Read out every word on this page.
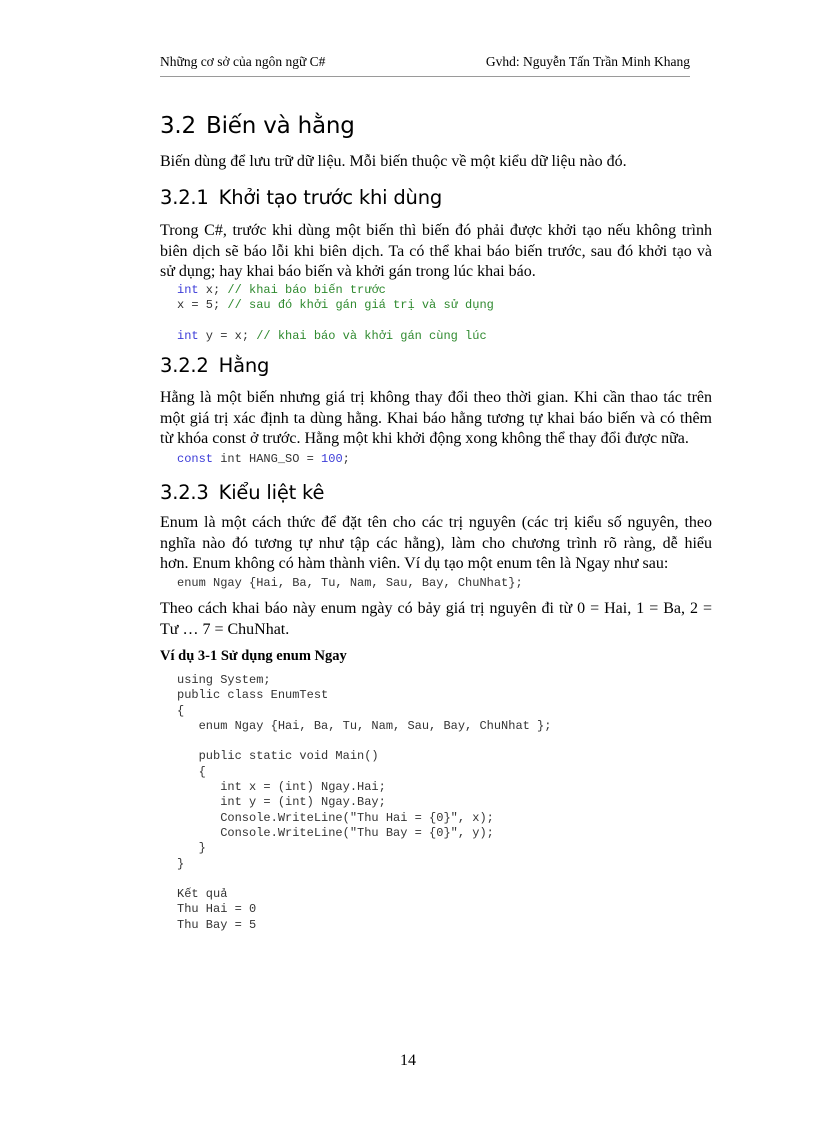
Những cơ sở của ngôn ngữ C#	Gvhd: Nguyễn Tấn Trần Minh Khang
3.2 Biến và hằng

Biến dùng để lưu trữ dữ liệu. Mỗi biến thuộc về một kiểu dữ liệu nào đó.

3.2.1 Khởi tạo trước khi dùng

Trong C#, trước khi dùng một biến thì biến đó phải được khởi tạo nếu không trình
biên dịch sẽ báo lỗi khi biên dịch. Ta có thể khai báo biến trước, sau đó khởi tạo và
sử dụng; hay khai báo biến và khởi gán trong lúc khai báo.

int x; // khai báo biến trước
x = 5; // sau đó khởi gán giá trị và sử dụng
int y = x; // khai báo và khởi gán cùng lúc
3.2.2 Hằng

Hằng là một biến nhưng giá trị không thay đổi theo thời gian. Khi cần thao tác trên
một giá trị xác định ta dùng hằng. Khai báo hằng tương tự khai báo biến và có thêm
từ khóa const ở trước. Hằng một khi khởi động xong không thể thay đổi được nữa.

const int HANG_SO = 100;
3.2.3 Kiểu liệt kê

Enum là một cách thức để đặt tên cho các trị nguyên (các trị kiểu số nguyên, theo
nghĩa nào đó tương tự như tập các hằng), làm cho chương trình rõ ràng, dễ hiểu
hơn. Enum không có hàm thành viên. Ví dụ tạo một enum tên là Ngay như sau:

enum Ngay {Hai, Ba, Tu, Nam, Sau, Bay, ChuNhat};

Theo cách khai báo này enum ngày có bảy giá trị nguyên đi từ 0 = Hai, 1 = Ba, 2 =
Tư … 7 = ChuNhat.

Ví dụ 3-1 Sử dụng enum Ngay
using System;
public class EnumTest
{
enum Ngay {Hai, Ba, Tu, Nam, Sau, Bay, ChuNhat };
public static void Main()
{
int x = (int) Ngay.Hai;
int y = (int) Ngay.Bay;
Console.WriteLine("Thu Hai = {0}", x);
Console.WriteLine("Thu Bay = {0}", y);
}
}
Kết quả
Thu Hai = 0
Thu Bay = 5
14
